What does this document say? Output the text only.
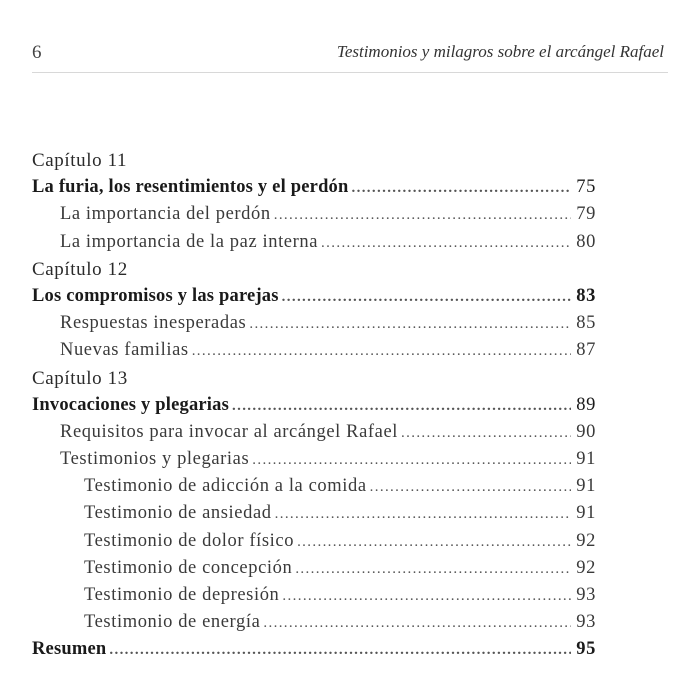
6	Testimonios y milagros sobre el arcángel Rafael
Capítulo 11
La furia, los resentimientos y el perdón . . .	75
La importancia del perdón . . .	79
La importancia de la paz interna . . .	80
Capítulo 12
Los compromisos y las parejas . . .	83
Respuestas inesperadas . . .	85
Nuevas familias . . .	87
Capítulo 13
Invocaciones y plegarias . . .	89
Requisitos para invocar al arcángel Rafael . . .	90
Testimonios y plegarias . . .	91
Testimonio de adicción a la comida . . .	91
Testimonio de ansiedad . . .	91
Testimonio de dolor físico . . .	92
Testimonio de concepción . . .	92
Testimonio de depresión . . .	93
Testimonio de energía . . .	93
Resumen . . .	95
